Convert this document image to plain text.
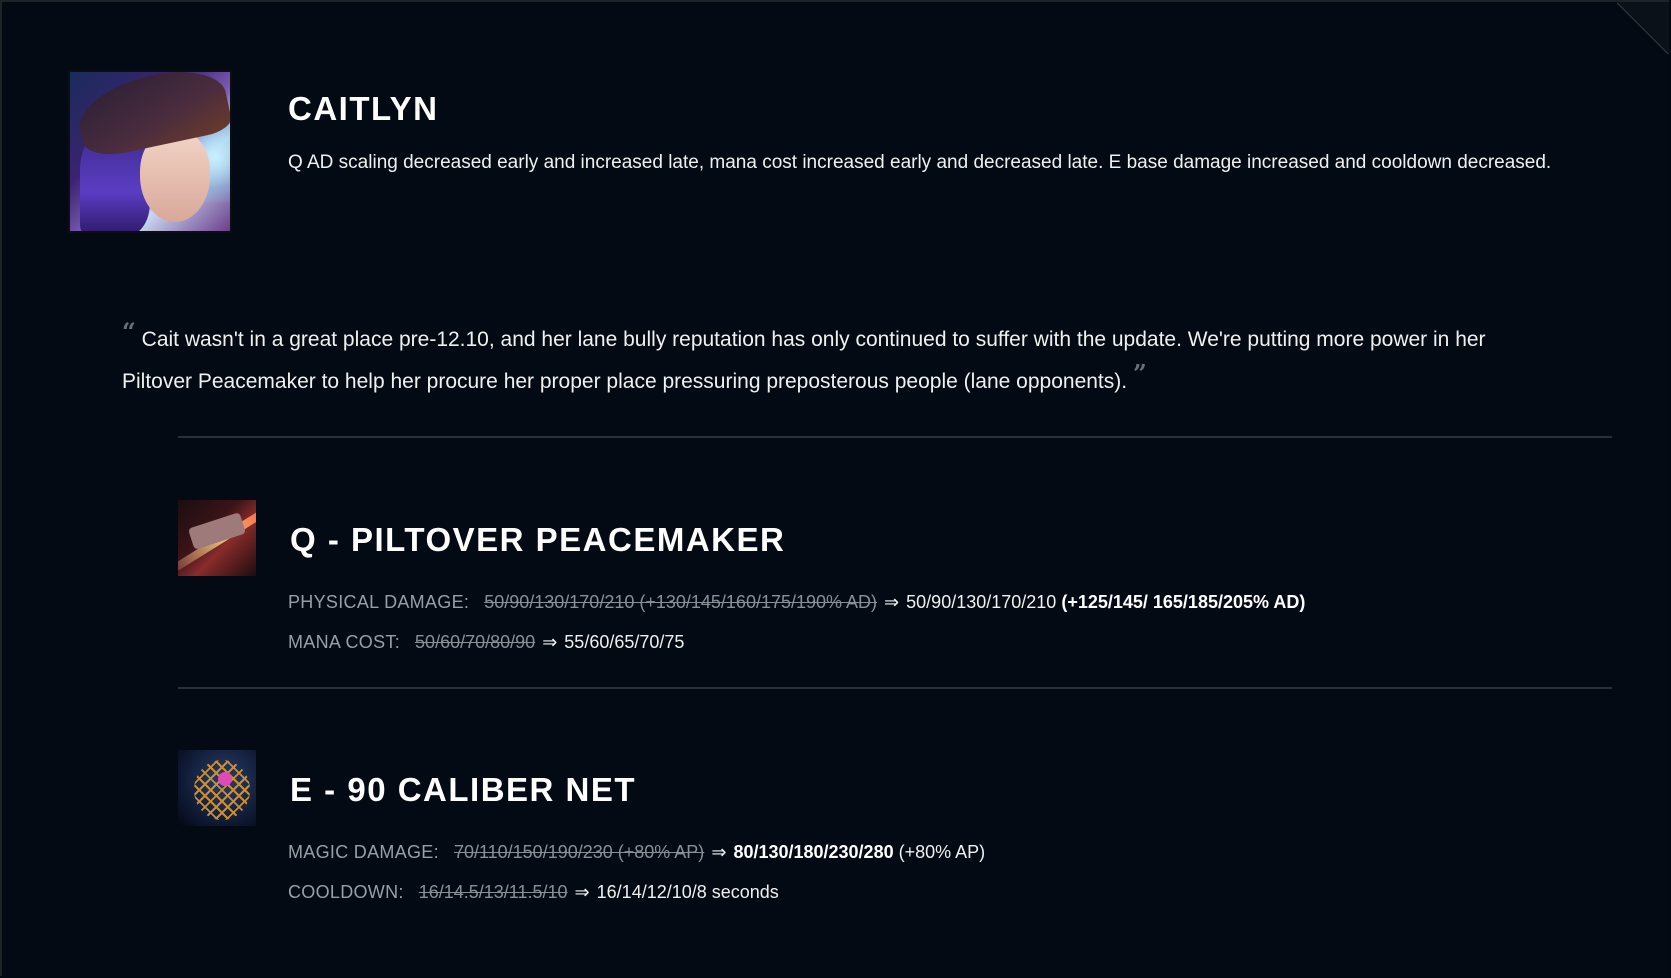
CAITLYN
Q AD scaling decreased early and increased late, mana cost increased early and decreased late. E base damage increased and cooldown decreased.
“ Cait wasn't in a great place pre-12.10, and her lane bully reputation has only continued to suffer with the update. We're putting more power in her Piltover Peacemaker to help her procure her proper place pressuring preposterous people (lane opponents). ”
Q - PILTOVER PEACEMAKER
PHYSICAL DAMAGE: 50/90/130/170/210 (+130/145/160/175/190% AD) ⇒ 50/90/130/170/210 (+125/145/ 165/185/205% AD)
MANA COST: 50/60/70/80/90 ⇒ 55/60/65/70/75
E - 90 CALIBER NET
MAGIC DAMAGE: 70/110/150/190/230 (+80% AP) ⇒ 80/130/180/230/280 (+80% AP)
COOLDOWN: 16/14.5/13/11.5/10 ⇒ 16/14/12/10/8 seconds
